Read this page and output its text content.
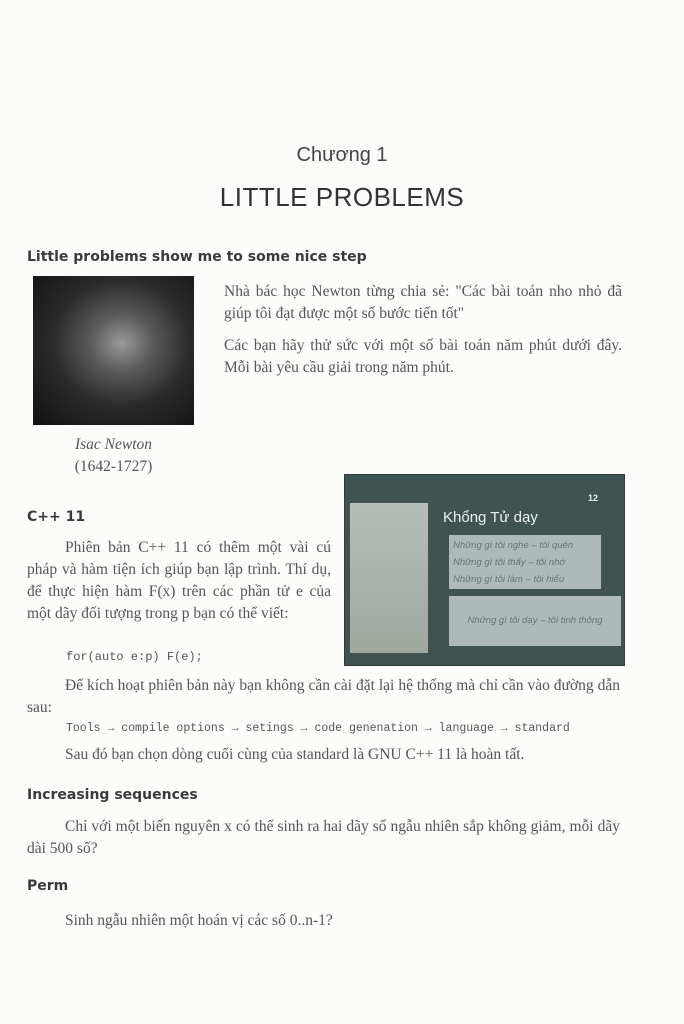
Chương 1
LITTLE PROBLEMS
Little problems show me to some nice step
Isac Newton
(1642-1727)
Nhà bác học Newton từng chia sẻ: "Các bài toán nho nhỏ đã giúp tôi đạt được một số bước tiến tốt"
Các bạn hãy thử sức với một số bài toán năm phút dưới đây. Mỗi bài yêu cầu giải trong năm phút.
C++ 11
Phiên bản C++ 11 có thêm một vài cú pháp và hàm tiện ích giúp bạn lập trình. Thí dụ, để thực hiện hàm F(x) trên các phần tử e của một dãy đối tượng trong p bạn có thể viết:
for(auto e:p) F(e);
12
Khổng Tử dạy
Những gì tôi nghe – tôi quên
Những gì tôi thấy – tôi nhớ
Những gì tôi làm – tôi hiểu
Những gì tôi dạy – tôi tinh thông
Để kích hoạt phiên bản này bạn không cần cài đặt lại hệ thống mà chỉ cần vào đường dẫn sau:
Tools → compile options → setings → code genenation → language → standard
Sau đó bạn chọn dòng cuối cùng của standard là GNU C++ 11 là hoàn tất.
Increasing sequences
Chỉ với một biến nguyên x có thể sinh ra hai dãy số ngẫu nhiên sắp không giảm, mỗi dãy dài 500 số?
Perm
Sinh ngẫu nhiên một hoán vị các số 0..n-1?
